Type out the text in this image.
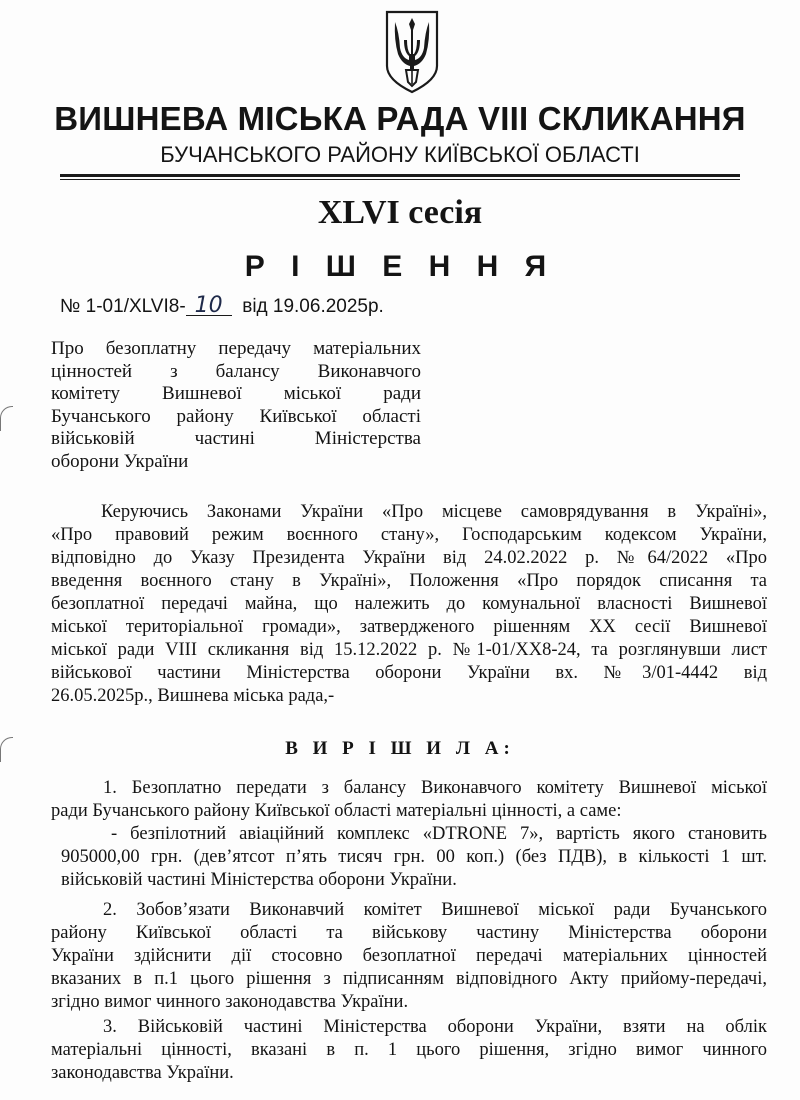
ВИШНЕВА МІСЬКА РАДА VIII СКЛИКАННЯ
БУЧАНСЬКОГО РАЙОНУ КИЇВСЬКОЇ ОБЛАСТІ
XLVI сесія
Р І Ш Е Н Н Я
№ 1-01/XLVI8- 10 від 19.06.2025р.
Про безоплатну передачу матеріальних
цінностей з балансу Виконавчого
комітету Вишневої міської ради
Бучанського району Київської області
військовій частині Міністерства
оборони України
Керуючись Законами України «Про місцеве самоврядування в Україні»,
«Про правовий режим воєнного стану», Господарським кодексом України,
відповідно до Указу Президента України від 24.02.2022 р. №64/2022 «Про
введення воєнного стану в Україні», Положення «Про порядок списання та
безоплатної передачі майна, що належить до комунальної власності Вишневої
міської територіальної громади», затвердженого рішенням XX сесії Вишневої
міської ради VIII скликання від 15.12.2022 р. №1-01/XX8-24, та розглянувши лист
військової частини Міністерства оборони України вх. №3/01-4442 від
26.05.2025р., Вишнева міська рада,-
В И Р І Ш И Л А:
1. Безоплатно передати з балансу Виконавчого комітету Вишневої міської
ради Бучанського району Київської області матеріальні цінності, а саме:
- безпілотний авіаційний комплекс «DTRONE 7», вартість якого становить
905000,00 грн. (дев’ятсот п’ять тисяч грн. 00 коп.) (без ПДВ), в кількості 1 шт.
військовій частині Міністерства оборони України.
2. Зобов’язати Виконавчий комітет Вишневої міської ради Бучанського
району Київської області та військову частину Міністерства оборони
України здійснити дії стосовно безоплатної передачі матеріальних цінностей
вказаних в п.1 цього рішення з підписанням відповідного Акту прийому-передачі,
згідно вимог чинного законодавства України.
3. Військовій частині Міністерства оборони України, взяти на облік
матеріальні цінності, вказані в п. 1 цього рішення, згідно вимог чинного
законодавства України.
